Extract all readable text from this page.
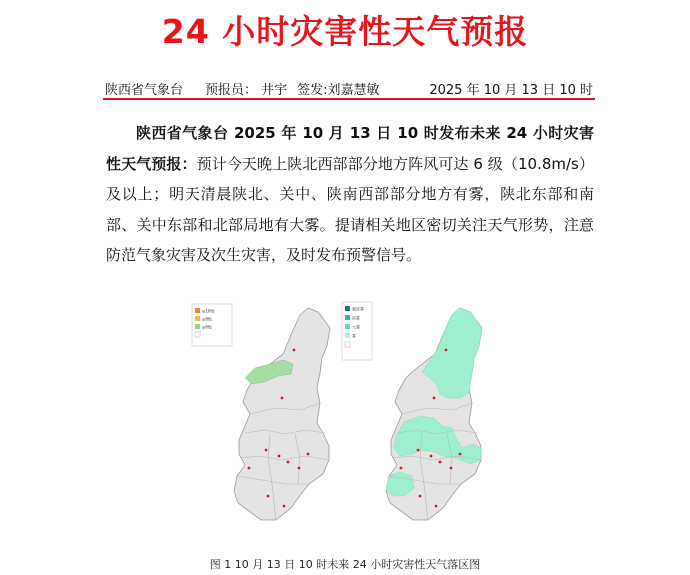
24 小时灾害性天气预报
陕西省气象台 预报员： 井宇 签发:刘嘉慧敏	2025 年 10 月 13 日 10 时

陕西省气象台 2025 年 10 月 13 日 10 时发布未来 24 小时灾害性天气预报：预计今天晚上陕北西部部分地方阵风可达 6 级（10.8m/s）及以上；明天清晨陕北、关中、陕南西部部分地方有雾，陕北东部和南部、关中东部和北部局地有大雾。提请相关地区密切关注天气形势，注意防范气象灾害及次生灾害，及时发布预警信号。

≥10级
≥8级
≥6级
强浓雾
浓雾
大雾
雾
图 1 10 月 13 日 10 时未来 24 小时灾害性天气落区图
